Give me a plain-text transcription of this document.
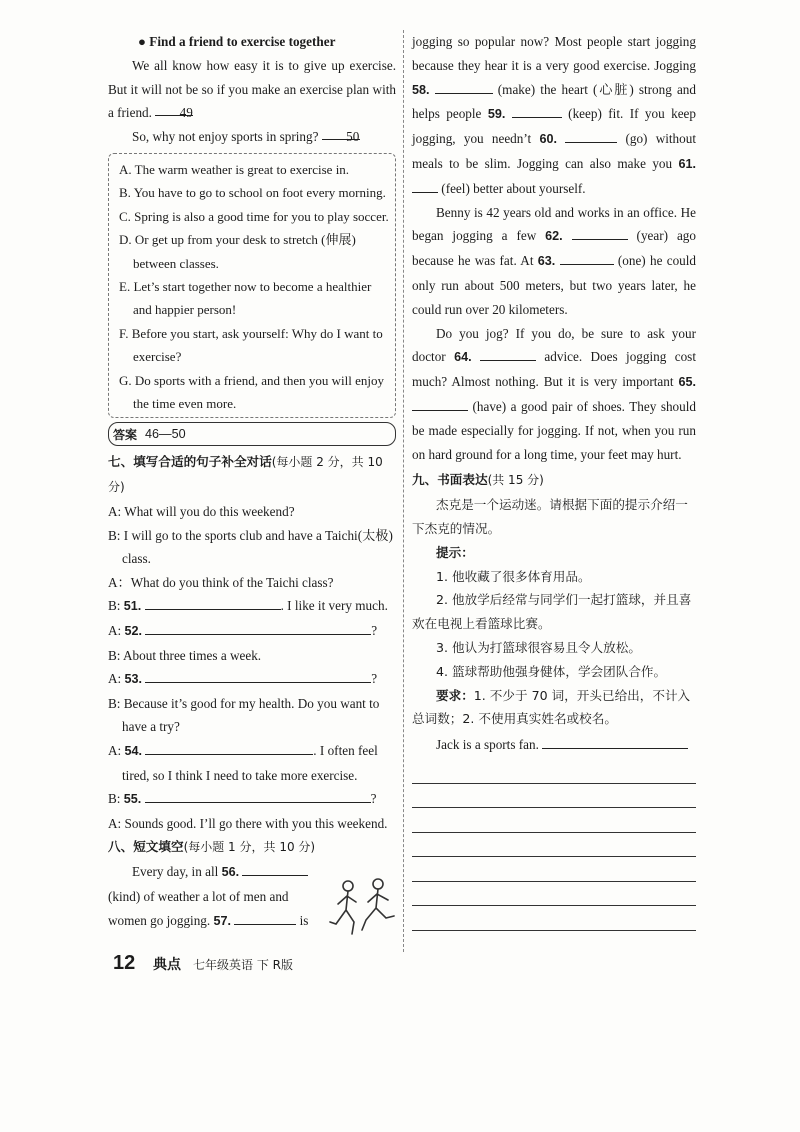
● Find a friend to exercise together

We all know how easy it is to give up exercise. But it will not be so if you make an exercise plan with a friend. 49

So, why not enjoy sports in spring? 50

A. The warm weather is great to exercise in.
B. You have to go to school on foot every morning.
C. Spring is also a good time for you to play soccer.
D. Or get up from your desk to stretch (伸展) between classes.
E. Let’s start together now to become a healthier and happier person!
F. Before you start, ask yourself: Why do I want to exercise?
G. Do sports with a friend, and then you will enjoy the time even more.
答案 46—50

七、填写合适的句子补全对话(每小题 2 分，共 10 分)

A: What will you do this weekend?

B: I will go to the sports club and have a Taichi(太极) class.

A：What do you think of the Taichi class?

B: 51.	. I like it very much.

A: 52.	?

B: About three times a week.

A: 53.	?

B: Because it’s good for my health. Do you want to have a try?

A: 54.	. I often feel tired, so I think I need to take more exercise.

B: 55.	?

A: Sounds good. I’ll go there with you this weekend.

八、短文填空(每小题 1 分，共 10 分)

Every day, in all 56.  (kind) of weather a lot of men and women go jogging. 57.	is

jogging so popular now? Most people start jogging because they hear it is a very good exercise. Jogging 58.	(make) the heart (心脏) strong and helps people 59.	(keep) fit. If you keep jogging, you needn’t 60.	(go) without meals to be slim. Jogging can also make you 61.  (feel) better about yourself.

Benny is 42 years old and works in an office. He began jogging a few 62.	(year) ago because he was fat. At 63.	(one) he could only run about 500 meters, but two years later, he could run over 20 kilometers.

Do you jog? If you do, be sure to ask your doctor 64.	advice. Does jogging cost much? Almost nothing. But it is very important 65.  (have) a good pair of shoes. They should be made especially for jogging. If not, when you run on hard ground for a long time, your feet may hurt.

九、书面表达(共 15 分)

杰克是一个运动迷。请根据下面的提示介绍一下杰克的情况。

提示：

1. 他收藏了很多体育用品。

2. 他放学后经常与同学们一起打篮球，并且喜欢在电视上看篮球比赛。

3. 他认为打篮球很容易且令人放松。

4. 篮球帮助他强身健体，学会团队合作。

要求：1. 不少于 70 词，开头已给出，不计入总词数；2. 不使用真实姓名或校名。

Jack is a sports fan.

12 典点 七年级英语 下 R版
